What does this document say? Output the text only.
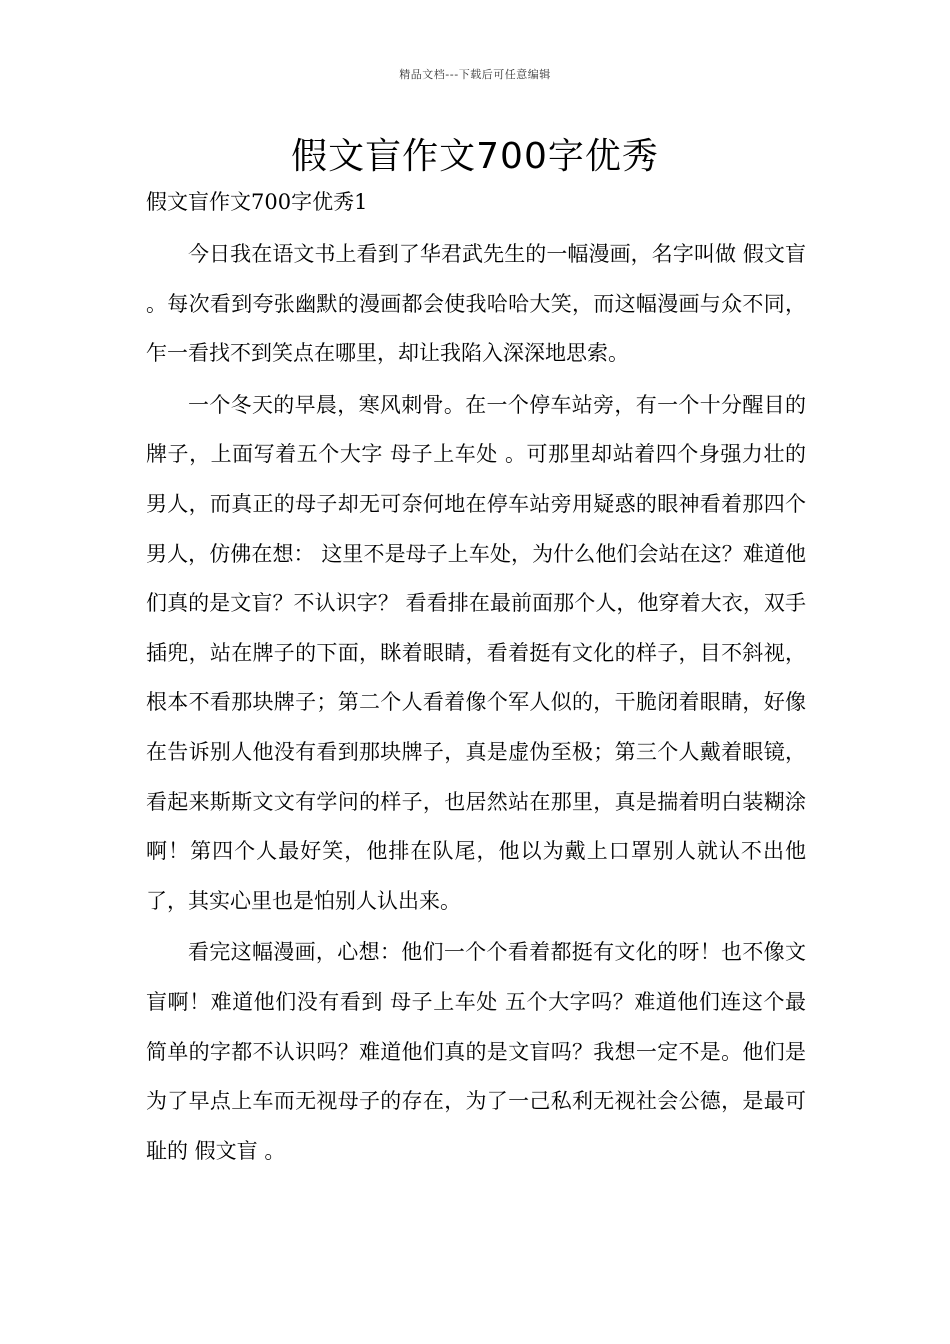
精品文档---下载后可任意编辑
假文盲作文700字优秀
假文盲作文700字优秀1

今日我在语文书上看到了华君武先生的一幅漫画，名字叫做 假文盲 。每次看到夸张幽默的漫画都会使我哈哈大笑，而这幅漫画与众不同，乍一看找不到笑点在哪里，却让我陷入深深地思索。

一个冬天的早晨，寒风刺骨。在一个停车站旁，有一个十分醒目的牌子，上面写着五个大字 母子上车处 。可那里却站着四个身强力壮的男人，而真正的母子却无可奈何地在停车站旁用疑惑的眼神看着那四个男人，仿佛在想： 这里不是母子上车处，为什么他们会站在这？难道他们真的是文盲？不认识字？ 看看排在最前面那个人，他穿着大衣，双手插兜，站在牌子的下面，眯着眼睛，看着挺有文化的样子，目不斜视，根本不看那块牌子；第二个人看着像个军人似的，干脆闭着眼睛，好像在告诉别人他没有看到那块牌子，真是虚伪至极；第三个人戴着眼镜，看起来斯斯文文有学问的样子，也居然站在那里，真是揣着明白装糊涂啊！第四个人最好笑，他排在队尾，他以为戴上口罩别人就认不出他了，其实心里也是怕别人认出来。

看完这幅漫画，心想：他们一个个看着都挺有文化的呀！也不像文盲啊！难道他们没有看到 母子上车处 五个大字吗？难道他们连这个最简单的字都不认识吗？难道他们真的是文盲吗？我想一定不是。他们是为了早点上车而无视母子的存在，为了一己私利无视社会公德，是最可耻的 假文盲 。
